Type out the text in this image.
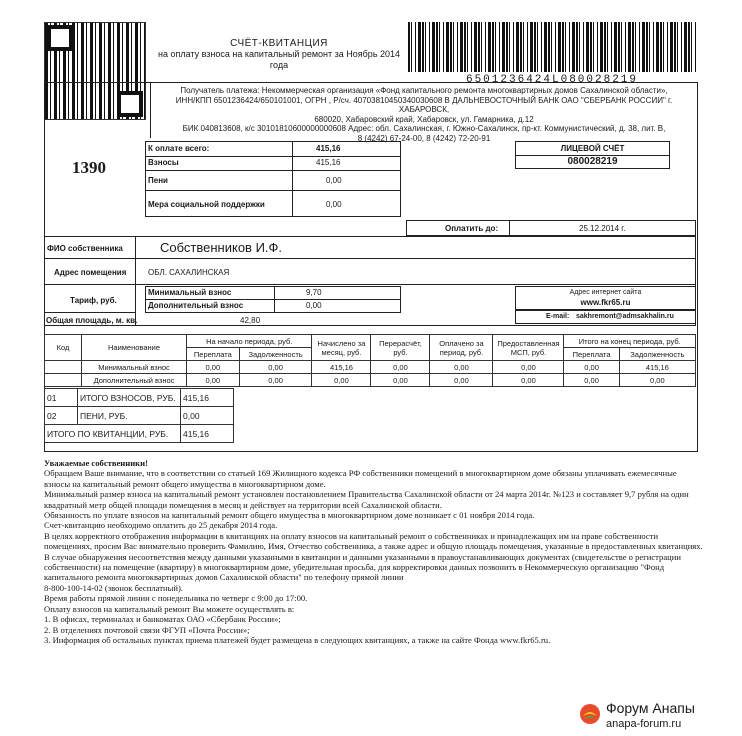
СЧЁТ-КВИТАНЦИЯ
на оплату взноса на капитальный ремонт за Ноябрь 2014 года
6501236424L080028219
Получатель платежа: Некоммерческая организация «Фонд капитального ремонта многоквартирных домов Сахалинской области»,
ИНН/КПП 6501236424/650101001, ОГРН , Р/сч. 40703810450340030608 В ДАЛЬНЕВОСТОЧНЫЙ БАНК ОАО "СБЕРБАНК РОССИИ" г. ХАБАРОВСК,
680020, Хабаровский край, Хабаровск, ул. Гамарника, д.12
БИК 040813608, к/с 30101810600000000608 Адрес: обл. Сахалинская, г. Южно-Сахалинск, пр-кт. Коммунистический, д. 38, лит. В,
8 (4242) 67-24-00, 8 (4242) 72-20-91
1390
К оплате всего:	415,16
Взносы	415,16
Пени	0,00
Мера социальной поддержки	0,00
ЛИЦЕВОЙ СЧЁТ
080028219
Оплатить до:	25.12.2014 г.
ФИО собственника	Собственников И.Ф.
Адрес помещения	ОБЛ. САХАЛИНСКАЯ
Тариф, руб.
Общая площадь, м. кв.	42,80
Минимальный взнос	9,70
Дополнительный взнос	0,00
Адрес интернет сайта
www.fkr65.ru
E-mail: sakhremont@admsakhalin.ru
Код	Наименование	На начало периода, руб.		Начислено за месяц, руб.	Перерасчёт, руб.	Оплачено за период, руб.	Предоставленная МСП, руб.	Итого на конец периода, руб.	
		Переплата	Задолженность					Переплата	Задолженность
	Минимальный взнос	0,00	0,00	415,16	0,00	0,00	0,00	0,00	415,16
	Дополнительный взнос	0,00	0,00	0,00	0,00	0,00	0,00	0,00	0,00
01	ИТОГО ВЗНОСОВ, РУБ.	415,16
02	ПЕНИ, РУБ.	0,00
ИТОГО ПО КВИТАНЦИИ, РУБ.		415,16

Уважаемые собственники!

Обращаем Ваше внимание, что в соответствии со статьей 169 Жилищного кодекса РФ собственники помещений в многоквартирном доме обязаны уплачивать ежемесячные взносы на капитальный ремонт общего имущества в многоквартирном доме.

Минимальный размер взноса на капитальный ремонт установлен постановлением Правительства Сахалинской области от 24 марта 2014г. №123 и составляет 9,7 рубля на один квадратный метр общей площади помещения в месяц и действует на территории всей Сахалинской области.

Обязанность по уплате взносов на капитальный ремонт общего имущества в многоквартирном доме возникает с 01 ноября 2014 года.

Счет-квитанцию необходимо оплатить до 25 декабря 2014 года.

В целях корректного отображения информации в квитанциях на оплату взносов на капитальный ремонт о собственниках и принадлежащих им на праве собственности помещениях, просим Вас внимательно проверить Фамилию, Имя, Отчество собственника, а также адрес и общую площадь помещения, указанные в предоставленных квитанциях. В случае обнаружения несоответствия между данными указанными в квитанции и данными указанными в правоустанавливающих документах (свидетельстве о регистрации собственности) на помещение (квартиру) в многоквартирном доме, убедительная просьба, для корректировки данных позвонить в Некоммерческую организацию "Фонд капитального ремонта многоквартирных домов Сахалинской области" по телефону прямой линии

8-800-100-14-02 (звонок бесплатный).

Время работы прямой линии с понедельника по четверг с 9:00 до 17:00.

Оплату взносов на капитальный ремонт Вы можете осуществлять в:

1. В офисах, терминалах и банкоматах ОАО «Сбербанк России»;

2. В отделениях почтовой связи ФГУП «Почта России»;

3. Информация об остальных пунктах приема платежей будет размещена в следующих квитанциях, а также на сайте Фонда www.fkr65.ru.

Форум Анапы
anapa-forum.ru
